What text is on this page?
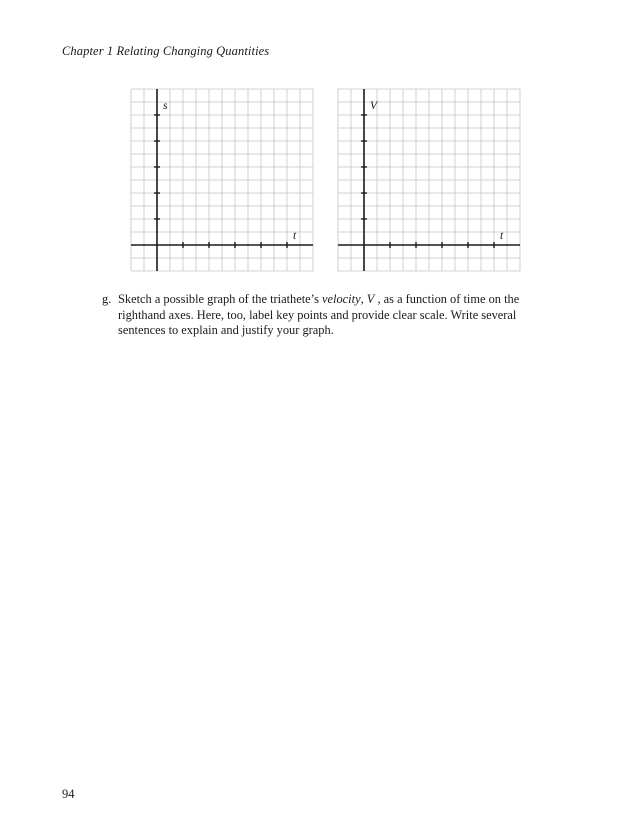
Chapter 1 Relating Changing Quantities
s
t
V
t
g. Sketch a possible graph of the triathete’s velocity, V , as a function of time on the righthand axes. Here, too, label key points and provide clear scale. Write several sentences to explain and justify your graph.
94
